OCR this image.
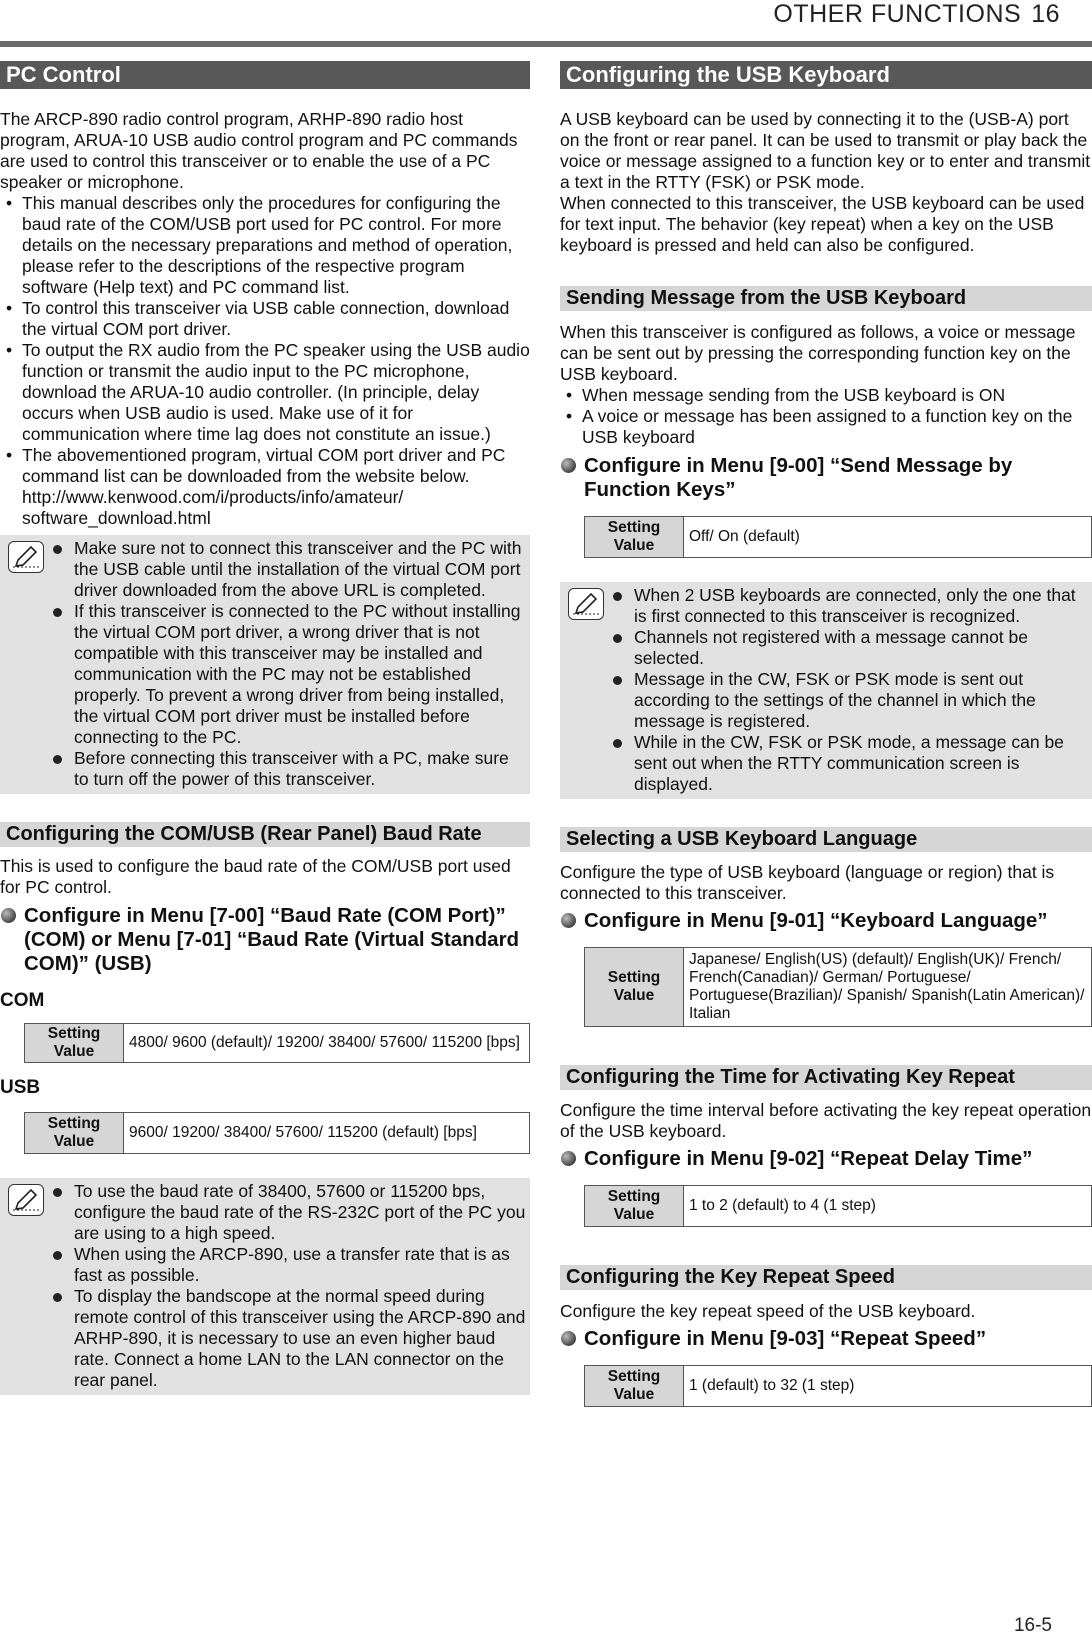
OTHER FUNCTIONS 16
PC Control

The ARCP-890 radio control program, ARHP-890 radio host program, ARUA-10 USB audio control program and PC commands are used to control this transceiver or to enable the use of a PC speaker or microphone.

• This manual describes only the procedures for configuring the baud rate of the COM/USB port used for PC control. For more details on the necessary preparations and method of operation, please refer to the descriptions of the respective program software (Help text) and PC command list.
• To control this transceiver via USB cable connection, download the virtual COM port driver.
• To output the RX audio from the PC speaker using the USB audio function or transmit the audio input to the PC microphone, download the ARUA-10 audio controller. (In principle, delay occurs when USB audio is used. Make use of it for communication where time lag does not constitute an issue.)
• The abovementioned program, virtual COM port driver and PC command list can be downloaded from the website below. http://www.kenwood.com/i/products/info/amateur/ software_download.html
Make sure not to connect this transceiver and the PC with the USB cable until the installation of the virtual COM port driver downloaded from the above URL is completed.
If this transceiver is connected to the PC without installing the virtual COM port driver, a wrong driver that is not compatible with this transceiver may be installed and communication with the PC may not be established properly. To prevent a wrong driver from being installed, the virtual COM port driver must be installed before connecting to the PC.
Before connecting this transceiver with a PC, make sure to turn off the power of this transceiver.
Configuring the COM/USB (Rear Panel) Baud Rate

This is used to configure the baud rate of the COM/USB port used for PC control.

Configure in Menu [7-00] “Baud Rate (COM Port)” (COM) or Menu [7-01] “Baud Rate (Virtual Standard COM)” (USB)
COM
Setting Value	4800/ 9600 (default)/ 19200/ 38400/ 57600/ 115200 [bps]
USB
Setting Value	9600/ 19200/ 38400/ 57600/ 115200 (default) [bps]
To use the baud rate of 38400, 57600 or 115200 bps, configure the baud rate of the RS-232C port of the PC you are using to a high speed.
When using the ARCP-890, use a transfer rate that is as fast as possible.
To display the bandscope at the normal speed during remote control of this transceiver using the ARCP-890 and ARHP-890, it is necessary to use an even higher baud rate. Connect a home LAN to the LAN connector on the rear panel.
Configuring the USB Keyboard

A USB keyboard can be used by connecting it to the (USB-A) port on the front or rear panel. It can be used to transmit or play back the voice or message assigned to a function key or to enter and transmit a text in the RTTY (FSK) or PSK mode.

When connected to this transceiver, the USB keyboard can be used for text input. The behavior (key repeat) when a key on the USB keyboard is pressed and held can also be configured.

Sending Message from the USB Keyboard

When this transceiver is configured as follows, a voice or message can be sent out by pressing the corresponding function key on the USB keyboard.

• When message sending from the USB keyboard is ON
• A voice or message has been assigned to a function key on the USB keyboard
Configure in Menu [9-00] “Send Message by Function Keys”
Setting Value	Off/ On (default)
When 2 USB keyboards are connected, only the one that is first connected to this transceiver is recognized.
Channels not registered with a message cannot be selected.
Message in the CW, FSK or PSK mode is sent out according to the settings of the channel in which the message is registered.
While in the CW, FSK or PSK mode, a message can be sent out when the RTTY communication screen is displayed.
Selecting a USB Keyboard Language

Configure the type of USB keyboard (language or region) that is connected to this transceiver.

Configure in Menu [9-01] “Keyboard Language”
Setting Value	Japanese/ English(US) (default)/ English(UK)/ French/ French(Canadian)/ German/ Portuguese/ Portuguese(Brazilian)/ Spanish/ Spanish(Latin American)/ Italian
Configuring the Time for Activating Key Repeat

Configure the time interval before activating the key repeat operation of the USB keyboard.

Configure in Menu [9-02] “Repeat Delay Time”
Setting Value	1 to 2 (default) to 4 (1 step)
Configuring the Key Repeat Speed

Configure the key repeat speed of the USB keyboard.

Configure in Menu [9-03] “Repeat Speed”
Setting Value	1 (default) to 32 (1 step)
16-5
